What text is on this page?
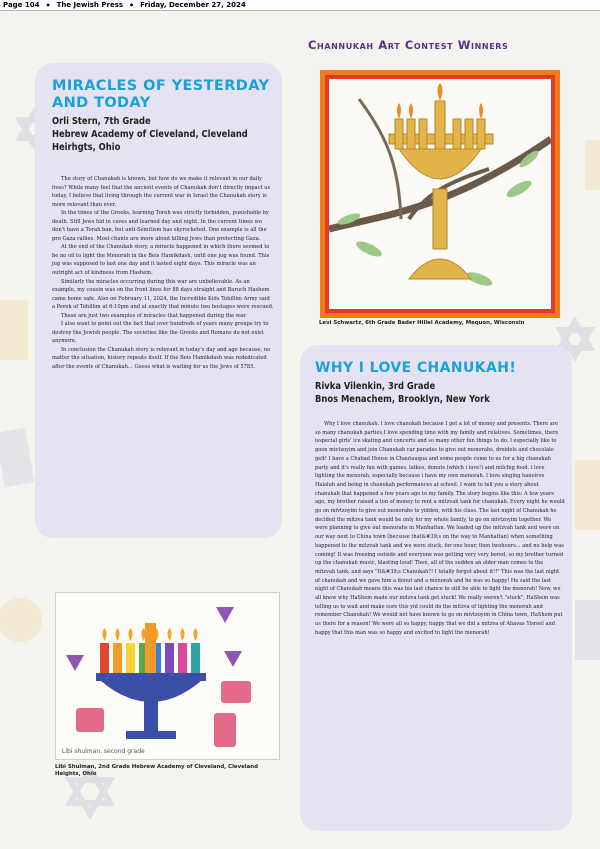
Page 104 • The Jewish Press • Friday, December 27, 2024
Channukah Art Contest Winners
MIRACLES OF YESTERDAY AND TODAY
Orli Stern, 7th Grade
Hebrew Academy of Cleveland, Cleveland Heirhgts, Ohio

The story of Chanukah is known, but how do we make it relevant in our daily lives? While many feel that the ancient events of Chanukah don't directly impact us today, I believe that living through the current war in Israel the Chanukah story is more relevant than ever.

In the times of the Greeks, learning Torah was strictly forbidden, punishable by death. Still Jews hid in caves and learned day and night. In the current times we don't have a Torah ban, but anti-Semitism has skyrocketed. One example is all the pro Gaza rallies. Most chants are more about killing Jews than protecting Gaza.

At the end of the Chanukah story, a miracle happened in which there seemed to be no oil to light the Menorah in the Beis Hamikdash, until one jug was found. This jug was supposed to last one day and it lasted eight days. This miracle was an outright act of kindness from Hashem.

Similarly the miracles occurring during this war are unbelievable. As an example, my cousin was on the front lines for 88 days straight and Baruch Hashem came home safe. Also on February 11, 2024, the Incredible Kids Tehillim Army said a Perek of Tehillim at 6:10pm and at exactly that minute two hostages were rescued.

These are just two examples of miracles that happened during the war.

I also want to point out the fact that over hundreds of years many groups try to destroy the Jewish people. The societies like the Greeks and Romans do not exist anymore.

In conclusion the Chanukah story is relevant in today's day and age because, no matter the situation, history repeats itself. If the Beis Hamikdash was rededicated after the events of Chanukah... Guess what is waiting for us the Jews of 5785.

Levi Schwartz, 6th Grade Bader Hillel Academy, Mequon, Wisconsin
WHY I LOVE CHANUKAH!
Rivka Vilenkin, 3rd Grade
Bnos Menachem, Brooklyn, New York

Why I love chanukah. I love chanukah because I get a lot of money and presents. There are so many chanukah parties,I love spending time with my family and relatives. Sometimes, there isspecial girls' ice skating and concerts and so many other fun things to do. I especially like to goon mivtzoyim and join Chanukah car parades to give out menorahs, dreidels and chocolate gelt! I have a Chabad House in Chautauqua and some people come to us for a big chanukah party and it's really fun with games, latkes, donuts (which i love!) and milchig food. i love lighting the menorah, especially because i have my own menorah. I love singing haneiros Halaluh and being in chanukah performances at school. I want to tell you a story about chanukah that happened a few years ago to my family. The story begins like this: A few years ago, my brother raised a ton of money to rent a mitzvah tank for chanukah. Every night he would go on mivtzoyim to give out menorahs to yidden, with his class. The last night of Chanukah he decided the mitzva tank would be only for my whole family, to go on mivtzoyim together. We were planning to give out menorahs in Manhattan. We loaded up the mitzvah tank and were on our way next to China town (becsuse that&#39;s on the way to Manhattan) when something happened to the mitzvah tank and we were stuck, for one hour, then twohours... and no help was coming! It was freezing outside and everyone was getting very very bored, so my brother turned up the chanukah music, blasting loud! Then, all of the sudden an older man comes to the mitzvah tank, and says "It&#39;s Chanukah?! I totally forgot about it!!" This was the last night of chanukah and we gave him a donut and a menorah and he was so happy! He said the last night of Chanukah means this was his last chance to still be able to light the menorah! Now, we all knew why HaShem made our mitzva tank get stuck! We really weren't "stuck", HaShem was telling us to wait and make sure this yid could do the mitzva of lighting the menorah and remember Chanukah! We would not have known to go on mivtzoyim in China town, HaShem put us there for a reason! We were all so happy, happy that we did a mitzva of Ahavas Yisroel and happy that this man was so happy and excited to light the menorah!

Libi shulman. second grade
Libi Shulman, 2nd Grade Hebrew Academy of Cleveland, Cleveland Heights, Ohio
